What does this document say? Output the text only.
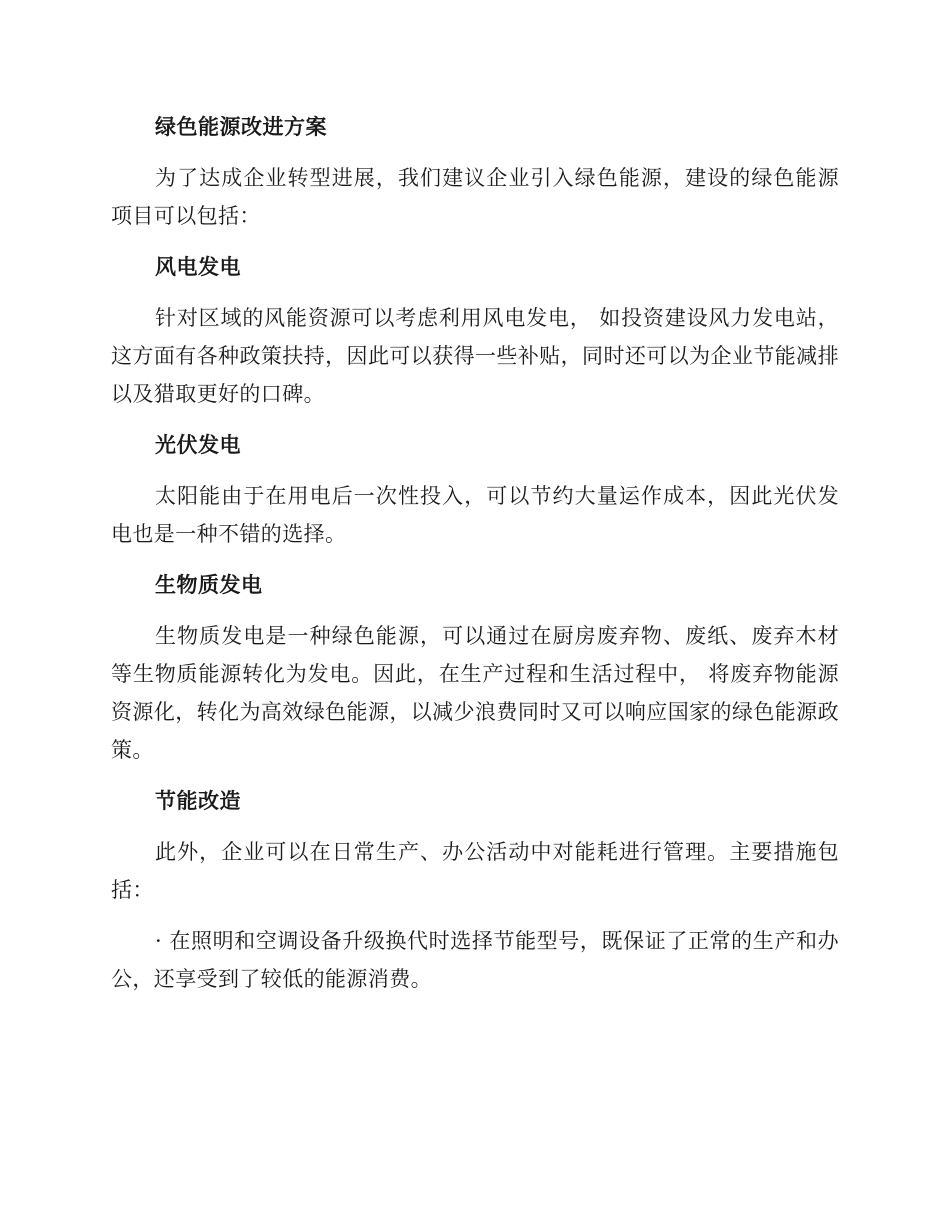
绿色能源改进方案
为了达成企业转型进展，我们建议企业引入绿色能源，建设的绿色能源项目可以包括：
风电发电
针对区域的风能资源可以考虑利用风电发电， 如投资建设风力发电站，这方面有各种政策扶持，因此可以获得一些补贴，同时还可以为企业节能减排以及猎取更好的口碑。
光伏发电
太阳能由于在用电后一次性投入，可以节约大量运作成本，因此光伏发电也是一种不错的选择。
生物质发电
生物质发电是一种绿色能源，可以通过在厨房废弃物、废纸、废弃木材等生物质能源转化为发电。因此，在生产过程和生活过程中， 将废弃物能源资源化，转化为高效绿色能源，以减少浪费同时又可以响应国家的绿色能源政策。
节能改造
此外，企业可以在日常生产、办公活动中对能耗进行管理。主要措施包括：
· 在照明和空调设备升级换代时选择节能型号，既保证了正常的生产和办公，还享受到了较低的能源消费。
